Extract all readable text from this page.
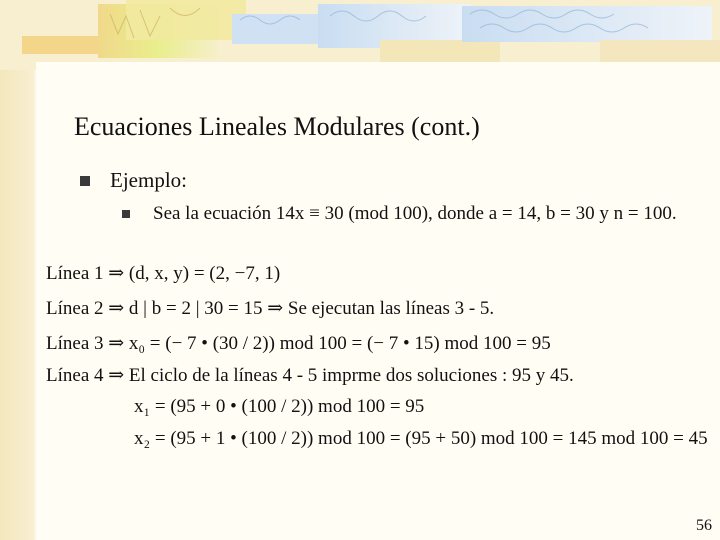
Ecuaciones Lineales Modulares (cont.)
Ejemplo:
Sea la ecuación 14x ≡ 30 (mod 100), donde a = 14, b = 30 y n = 100.
Línea 1 ⇒ (d, x, y) = (2, −7, 1)
Línea 2 ⇒ d | b = 2 | 30 = 15 ⇒ Se ejecutan las líneas 3 - 5.
Línea 3 ⇒ x₀ = (− 7 • (30 / 2)) mod 100 = (− 7 • 15) mod 100 = 95
Línea 4 ⇒ El ciclo de la líneas 4 - 5 imprme dos soluciones : 95 y 45.
x₁ = (95 + 0 • (100 / 2)) mod 100 = 95
x₂ = (95 + 1 • (100 / 2)) mod 100 = (95 + 50) mod 100 = 145 mod 100 = 45
56
